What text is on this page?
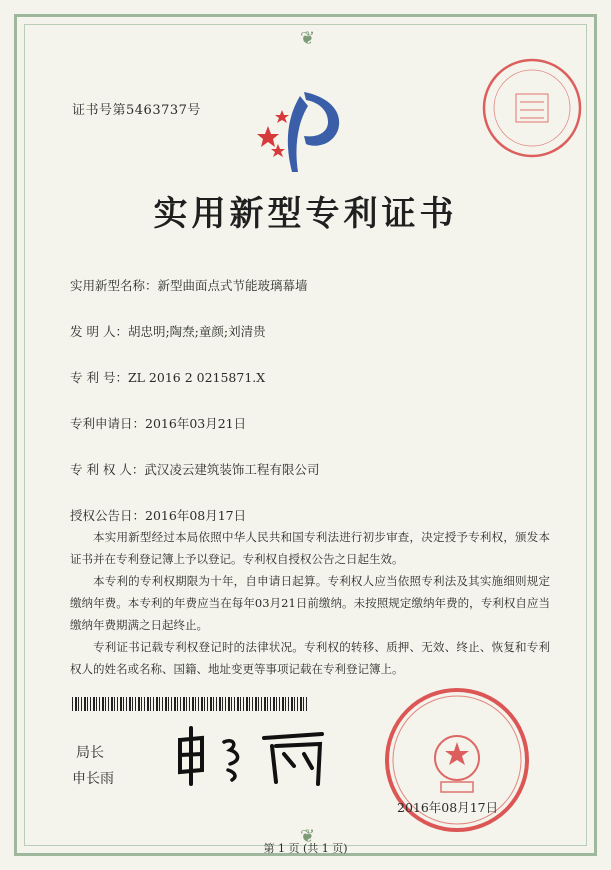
❦
❦
证书号第5463737号
实用新型专利证书
实用新型名称：新型曲面点式节能玻璃幕墙
发 明 人：胡忠明;陶焘;童颜;刘清贵
专 利 号：ZL 2016 2 0215871.X
专利申请日：2016年03月21日
专 利 权 人：武汉凌云建筑装饰工程有限公司
授权公告日：2016年08月17日

本实用新型经过本局依照中华人民共和国专利法进行初步审查，决定授予专利权，颁发本证书并在专利登记簿上予以登记。专利权自授权公告之日起生效。

本专利的专利权期限为十年，自申请日起算。专利权人应当依照专利法及其实施细则规定缴纳年费。本专利的年费应当在每年03月21日前缴纳。未按照规定缴纳年费的，专利权自应当缴纳年费期满之日起终止。

专利证书记载专利权登记时的法律状况。专利权的转移、质押、无效、终止、恢复和专利权人的姓名或名称、国籍、地址变更等事项记载在专利登记簿上。

局长
申长雨
2016年08月17日
第 1 页 (共 1 页)
